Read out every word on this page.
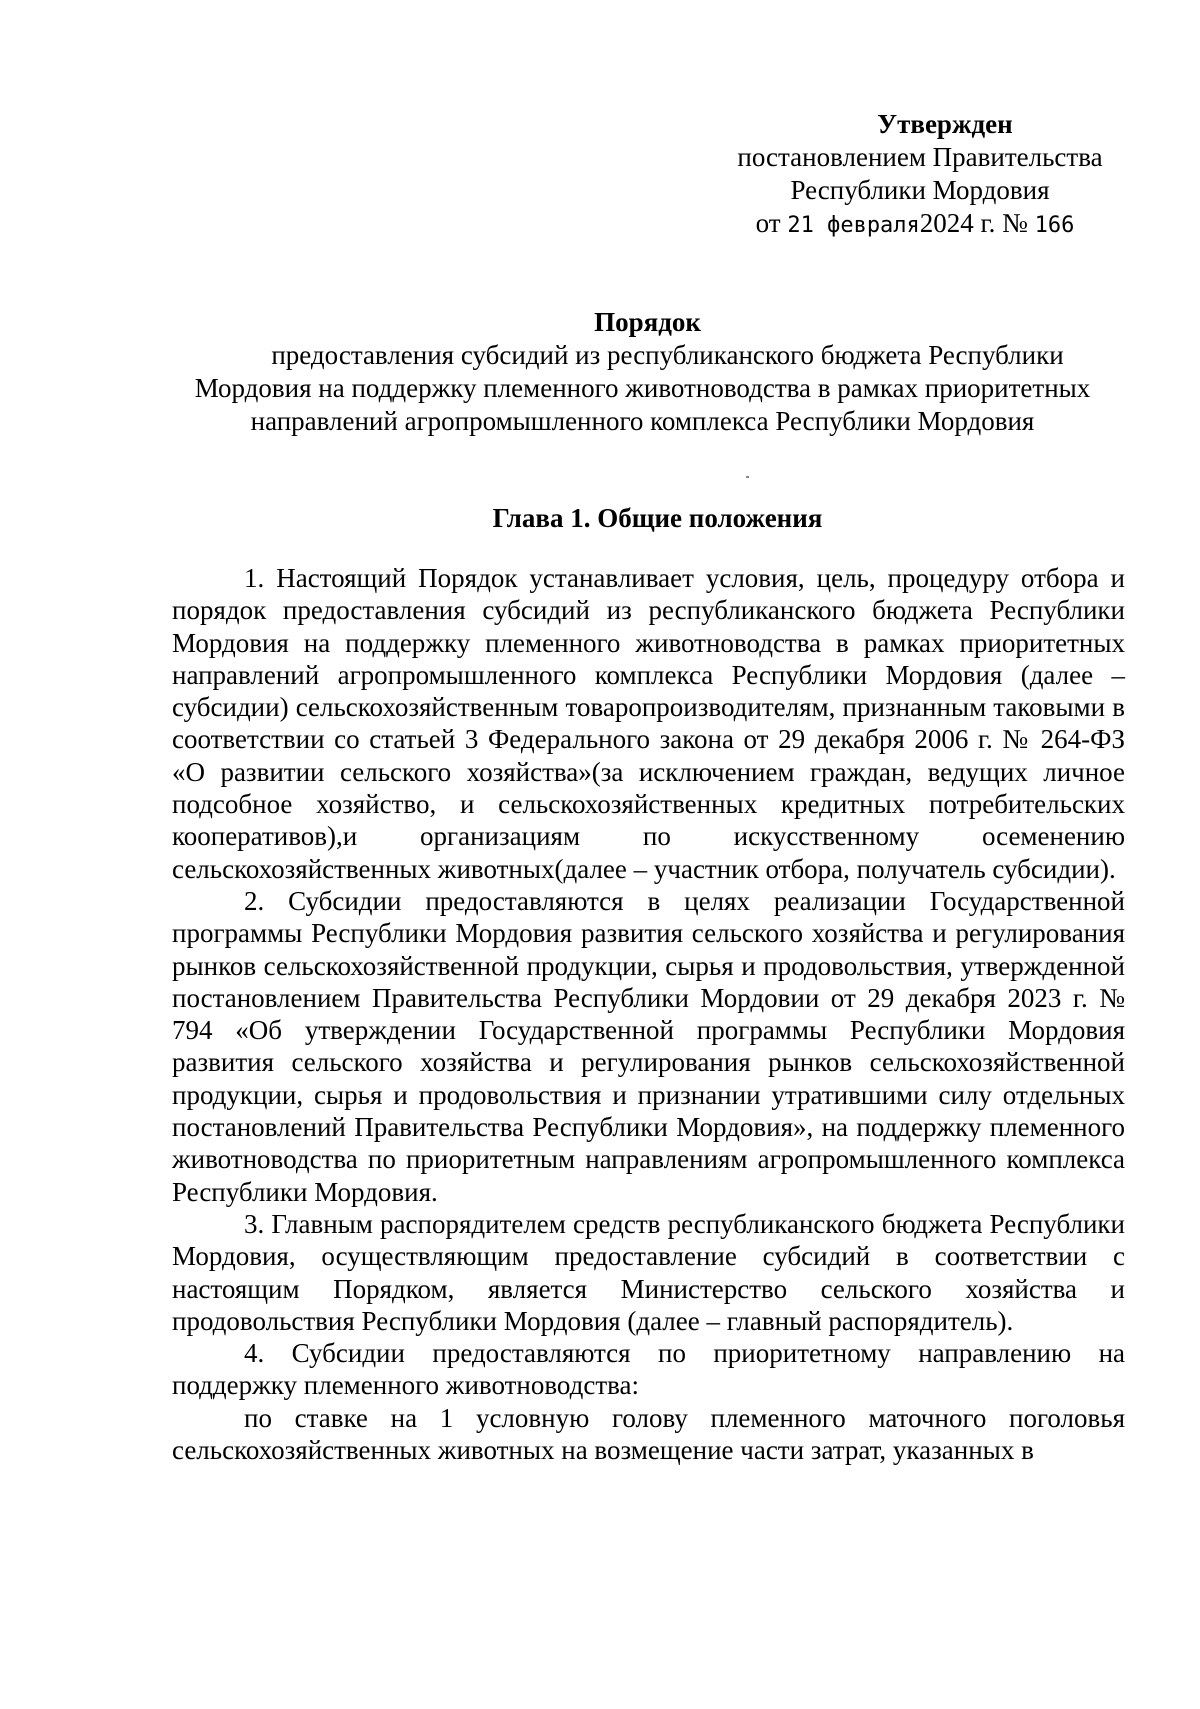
Утвержден
постановлением Правительства
Республики Мордовия
от 21 февраля2024 г. № 166
Порядок
предоставления субсидий из республиканского бюджета Республики
Мордовия на поддержку племенного животноводства в рамках приоритетных
направлений агропромышленного комплекса Республики Мордовия
Глава 1. Общие положения

1. Настоящий Порядок устанавливает условия, цель, процедуру отбора и порядок предоставления субсидий из республиканского бюджета Республики Мордовия на поддержку племенного животноводства в рамках приоритетных направлений агропромышленного комплекса Республики Мордовия (далее – субсидии) сельскохозяйственным товаропроизводителям, признанным таковыми в соответствии со статьей 3 Федерального закона от 29 декабря 2006 г. № 264-ФЗ «О развитии сельского хозяйства»(за исключением граждан, ведущих личное подсобное хозяйство, и сельскохозяйственных кредитных потребительских кооперативов),и организациям по искусственному осеменению сельскохозяйственных животных(далее – участник отбора, получатель субсидии).

2. Субсидии предоставляются в целях реализации Государственной программы Республики Мордовия развития сельского хозяйства и регулирования рынков сельскохозяйственной продукции, сырья и продовольствия, утвержденной постановлением Правительства Республики Мордовии от 29 декабря 2023 г. № 794 «Об утверждении Государственной программы Республики Мордовия развития сельского хозяйства и регулирования рынков сельскохозяйственной продукции, сырья и продовольствия и признании утратившими силу отдельных постановлений Правительства Республики Мордовия», на поддержку племенного животноводства по приоритетным направлениям агропромышленного комплекса Республики Мордовия.

3. Главным распорядителем средств республиканского бюджета Республики Мордовия, осуществляющим предоставление субсидий в соответствии с настоящим Порядком, является Министерство сельского хозяйства и продовольствия Республики Мордовия (далее – главный распорядитель).

4. Субсидии предоставляются по приоритетному направлению на поддержку племенного животноводства:

по ставке на 1 условную голову племенного маточного поголовья сельскохозяйственных животных на возмещение части затрат, указанных в
